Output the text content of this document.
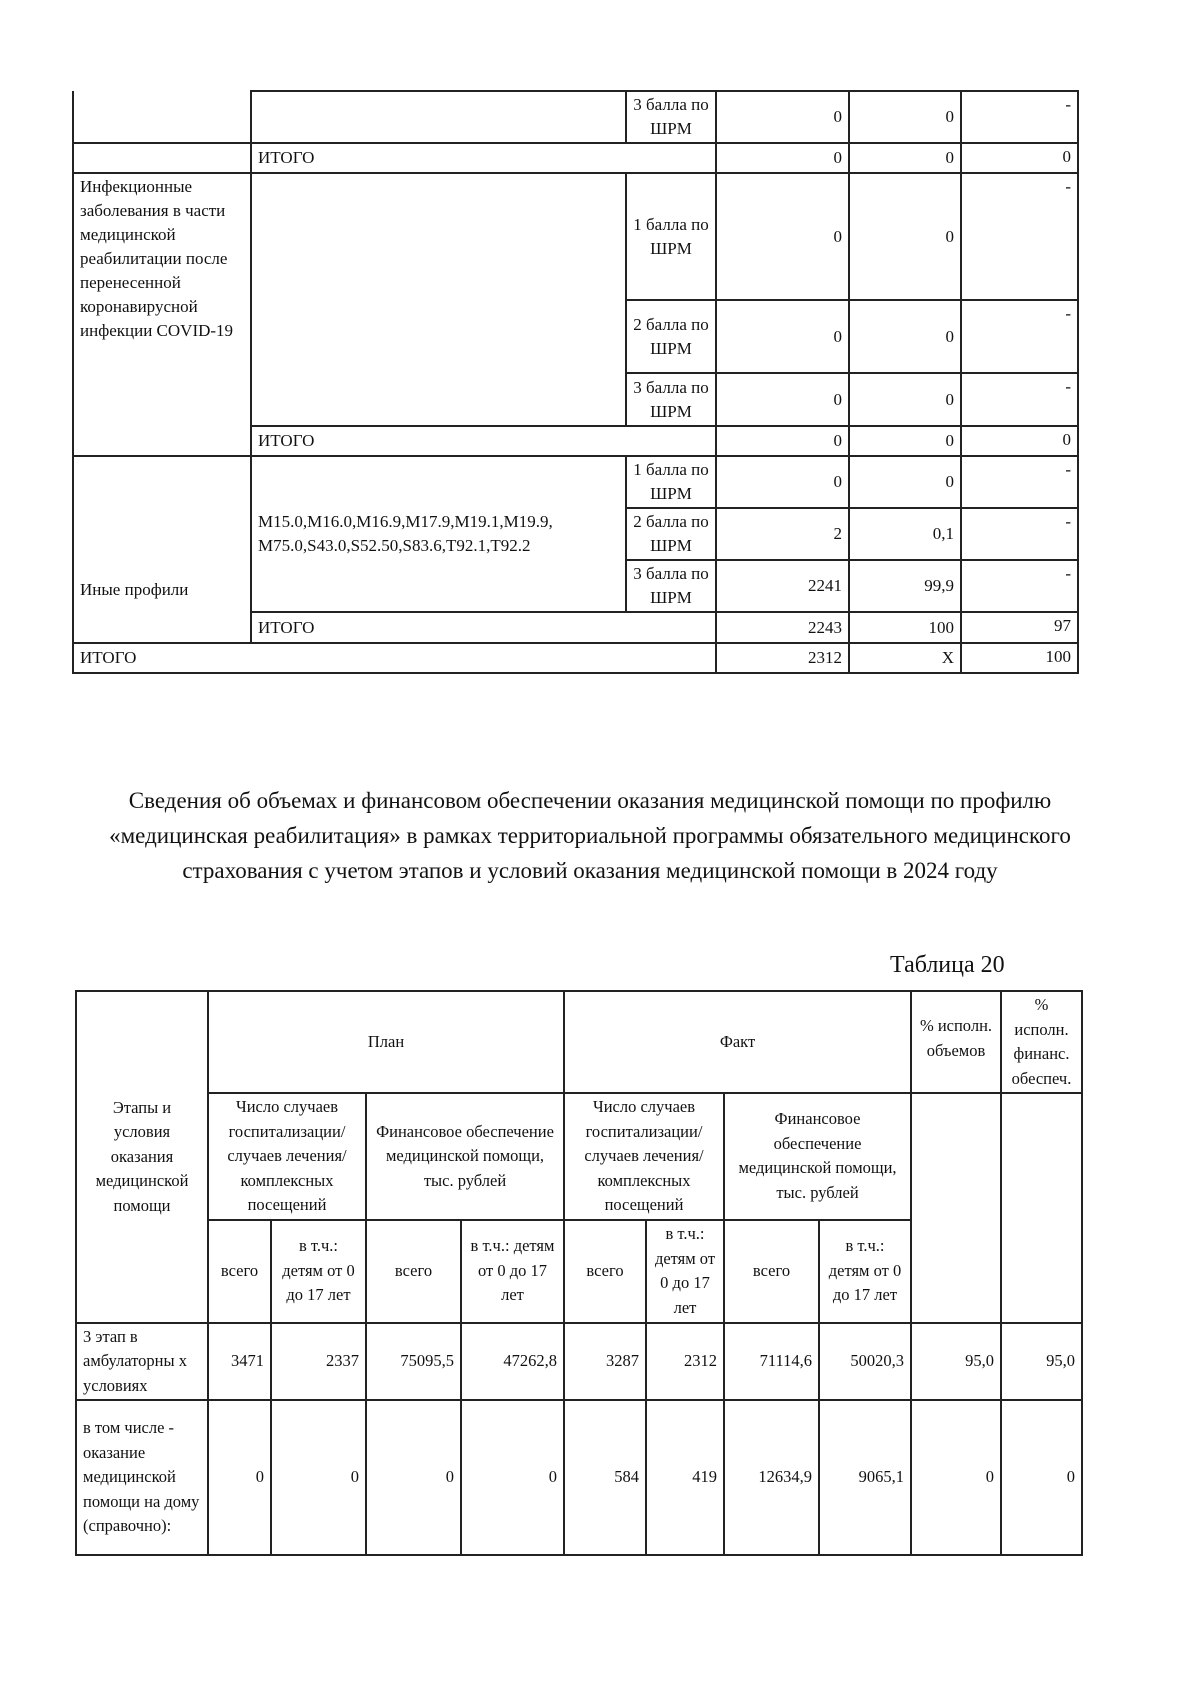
		3 балла по ШРМ	0	0	-
	ИТОГО		0	0	0
Инфекционные заболевания в части медицинской реабилитации после перенесенной коронавирусной инфекции COVID-19		1 балла по ШРМ	0	0	-
		2 балла по ШРМ	0	0	-
		3 балла по ШРМ	0	0	-
	ИТОГО		0	0	0
Иные профили	M15.0,M16.0,M16.9,M17.9,M19.1,M19.9, M75.0,S43.0,S52.50,S83.6,T92.1,T92.2	1 балла по ШРМ	0	0	-
		2 балла по ШРМ	2	0,1	-
		3 балла по ШРМ	2241	99,9	-
	ИТОГО		2243	100	97
ИТОГО			2312	X	100
Сведения об объемах и финансовом обеспечении оказания медицинской помощи по профилю «медицинская реабилитация» в рамках территориальной программы обязательного медицинского страхования с учетом этапов и условий оказания медицинской помощи в 2024 году
Таблица 20
Этапы и условия оказания медицинской помощи	План				Факт				% исполн. объемов	% исполн. финанс. обеспеч.
	Число случаев госпитализации/ случаев лечения/ комплексных посещений		Финансовое обеспечение медицинской помощи, тыс. рублей		Число случаев госпитализации/ случаев лечения/ комплексных посещений		Финансовое обеспечение медицинской помощи, тыс. рублей			
	всего	в т.ч.: детям от 0 до 17 лет	всего	в т.ч.: детям от 0 до 17 лет	всего	в т.ч.: детям от 0 до 17 лет	всего	в т.ч.: детям от 0 до 17 лет		
3 этап в амбулаторны х условиях	3471	2337	75095,5	47262,8	3287	2312	71114,6	50020,3	95,0	95,0
в том числе - оказание медицинской помощи на дому (справочно):	0	0	0	0	584	419	12634,9	9065,1	0	0
